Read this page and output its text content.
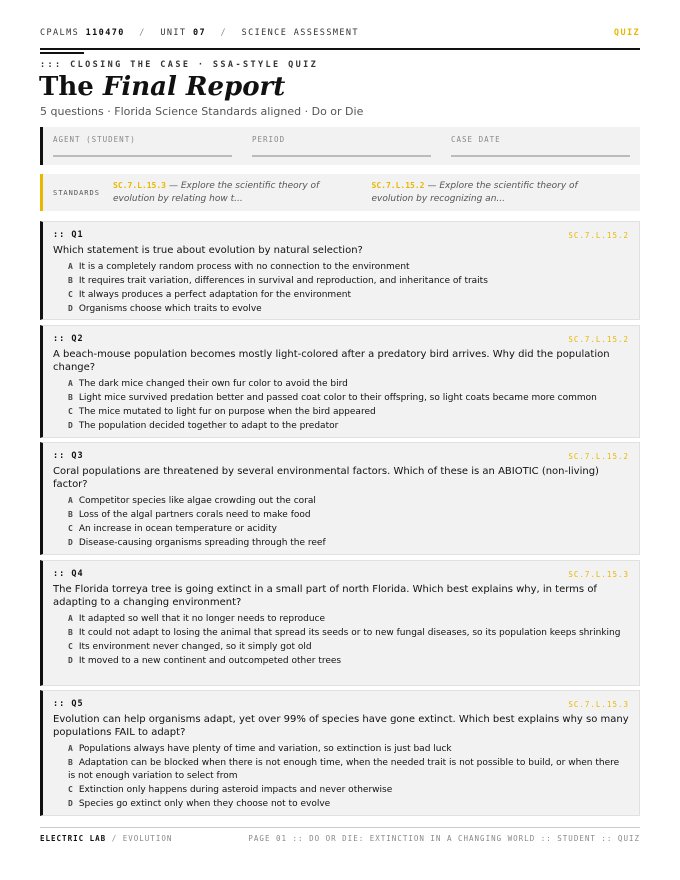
CPALMS 110470 / UNIT 07 / SCIENCE ASSESSMENT	QUIZ
::: CLOSING THE CASE · SSA-STYLE QUIZ
The Final Report
5 questions · Florida Science Standards aligned · Do or Die
AGENT (STUDENT)	PERIOD	CASE DATE
STANDARDS
SC.7.L.15.3 — Explore the scientific theory of evolution by relating how t...
SC.7.L.15.2 — Explore the scientific theory of evolution by recognizing an...
:: Q1	SC.7.L.15.2
Which statement is true about evolution by natural selection?
A It is a completely random process with no connection to the environment
B It requires trait variation, differences in survival and reproduction, and inheritance of traits
C It always produces a perfect adaptation for the environment
D Organisms choose which traits to evolve
:: Q2	SC.7.L.15.2
A beach-mouse population becomes mostly light-colored after a predatory bird arrives. Why did the population change?
A The dark mice changed their own fur color to avoid the bird
B Light mice survived predation better and passed coat color to their offspring, so light coats became more common
C The mice mutated to light fur on purpose when the bird appeared
D The population decided together to adapt to the predator
:: Q3	SC.7.L.15.2
Coral populations are threatened by several environmental factors. Which of these is an ABIOTIC (non-living) factor?
A Competitor species like algae crowding out the coral
B Loss of the algal partners corals need to make food
C An increase in ocean temperature or acidity
D Disease-causing organisms spreading through the reef
:: Q4	SC.7.L.15.3
The Florida torreya tree is going extinct in a small part of north Florida. Which best explains why, in terms of adapting to a changing environment?
A It adapted so well that it no longer needs to reproduce
B It could not adapt to losing the animal that spread its seeds or to new fungal diseases, so its population keeps shrinking
C Its environment never changed, so it simply got old
D It moved to a new continent and outcompeted other trees
:: Q5	SC.7.L.15.3
Evolution can help organisms adapt, yet over 99% of species have gone extinct. Which best explains why so many populations FAIL to adapt?
A Populations always have plenty of time and variation, so extinction is just bad luck
B Adaptation can be blocked when there is not enough time, when the needed trait is not possible to build, or when there is not enough variation to select from
C Extinction only happens during asteroid impacts and never otherwise
D Species go extinct only when they choose not to evolve
ELECTRIC LAB / EVOLUTION	PAGE 01 :: DO OR DIE: EXTINCTION IN A CHANGING WORLD :: STUDENT :: QUIZ
